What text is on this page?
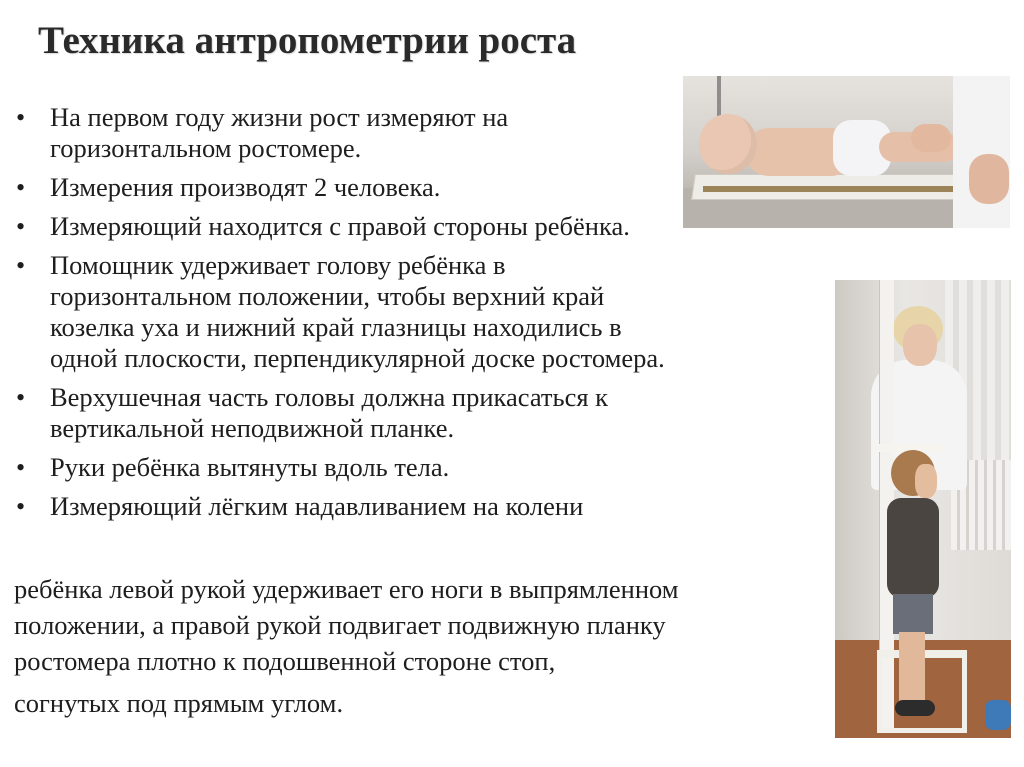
Техника антропометрии роста
• На первом году жизни рост измеряют на
горизонтальном ростомере.
• Измерения производят 2 человека.
• Измеряющий находится с правой стороны ребёнка.
• Помощник удерживает голову ребёнка в
горизонтальном положении, чтобы верхний край
козелка уха и нижний край глазницы находились в
одной плоскости, перпендикулярной доске ростомера.
• Верхушечная часть головы должна прикасаться к
вертикальной неподвижной планке.
• Руки ребёнка вытянуты вдоль тела.
• Измеряющий лёгким надавливанием на колени
ребёнка левой рукой удерживает его ноги в выпрямленном
положении, а правой рукой подвигает подвижную планку
ростомера плотно к подошвенной стороне стоп,
согнутых под прямым углом.
